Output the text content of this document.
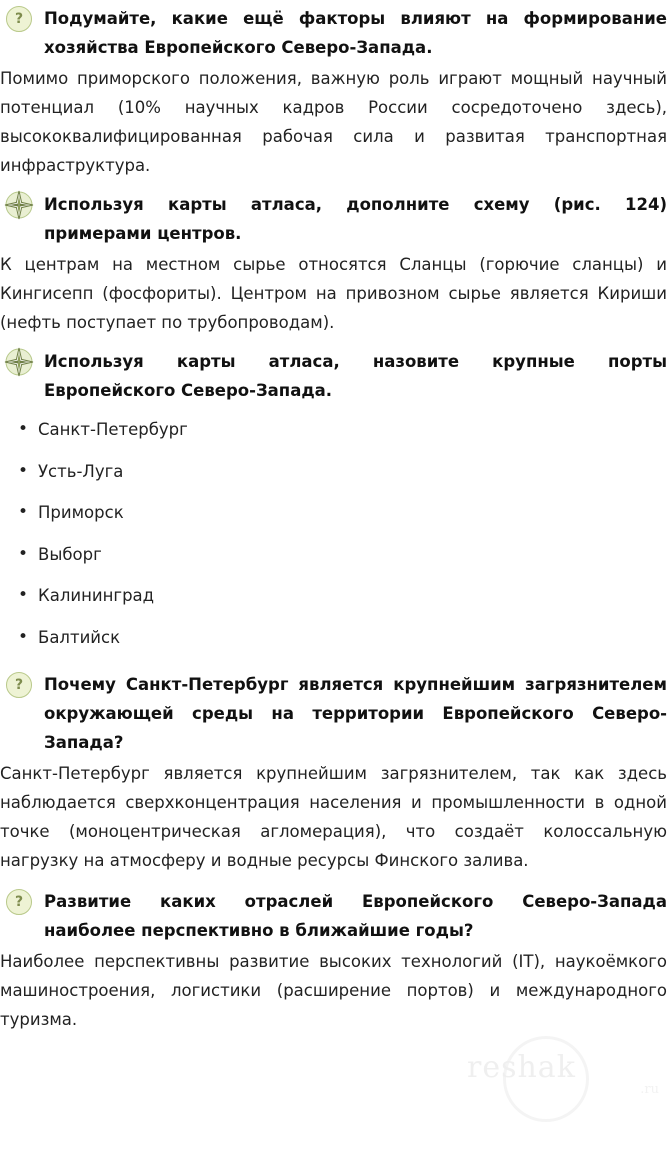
?	Подумайте, какие ещё факторы влияют на формирование хозяйства Европейского Северо-Запада.

Помимо приморского положения, важную роль играют мощный научный потенциал (10% научных кадров России сосредоточено здесь), высококвалифицированная рабочая сила и развитая транспортная инфраструктура.

Используя карты атласа, дополните схему (рис. 124) примерами центров.

К центрам на местном сырье относятся Сланцы (горючие сланцы) и Кингисепп (фосфориты). Центром на привозном сырье является Кириши (нефть поступает по трубопроводам).

Используя карты атласа, назовите крупные порты Европейского Северо-Запада.

• Санкт-Петербург
• Усть-Луга
• Приморск
• Выборг
• Калининград
• Балтийск
?	Почему Санкт-Петербург является крупнейшим загрязнителем окружающей среды на территории Европейского Северо-Запада?

Санкт-Петербург является крупнейшим загрязнителем, так как здесь наблюдается сверхконцентрация населения и промышленности в одной точке (моноцентрическая агломерация), что создаёт колоссальную нагрузку на атмосферу и водные ресурсы Финского залива.

?	Развитие каких отраслей Европейского Северо-Запада наиболее перспективно в ближайшие годы?

Наиболее перспективны развитие высоких технологий (IT), наукоёмкого машиностроения, логистики (расширение портов) и международного туризма.

reshak
.ru
